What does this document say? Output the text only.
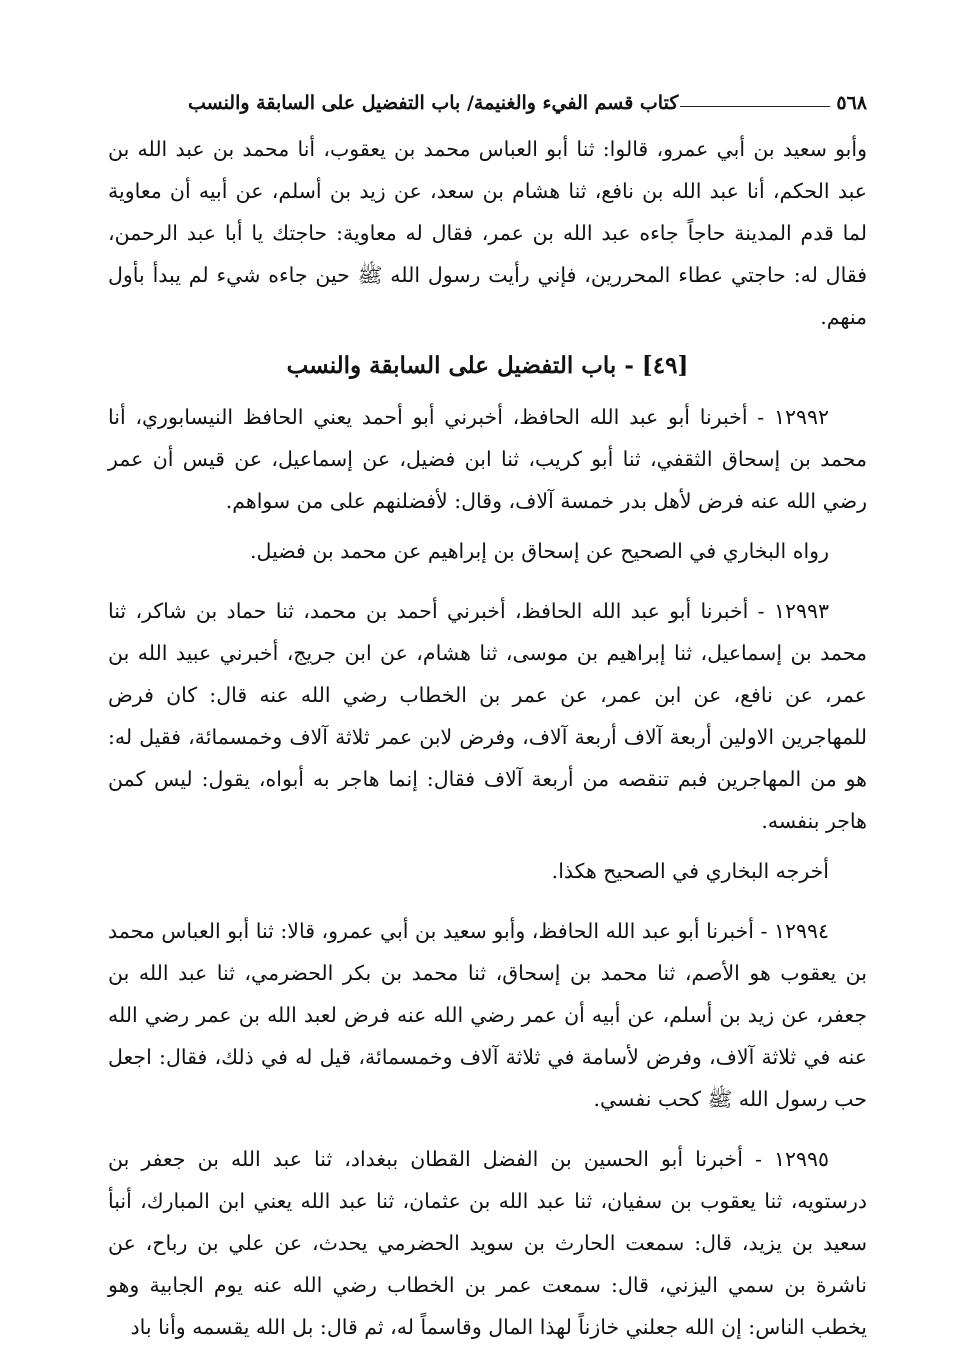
٥٦٨
كتاب قسم الفيء والغنيمة/ باب التفضيل على السابقة والنسب

وأبو سعيد بن أبي عمرو، قالوا: ثنا أبو العباس محمد بن يعقوب، أنا محمد بن عبد الله بن عبد الحكم، أنا عبد الله بن نافع، ثنا هشام بن سعد، عن زيد بن أسلم، عن أبيه أن معاوية لما قدم المدينة حاجاً جاءه عبد الله بن عمر، فقال له معاوية: حاجتك يا أبا عبد الرحمن، فقال له: حاجتي عطاء المحررين، فإني رأيت رسول الله ﷺ حين جاءه شيء لم يبدأ بأول منهم.

[٤٩] - باب التفضيل على السابقة والنسب

١٢٩٩٢ - أخبرنا أبو عبد الله الحافظ، أخبرني أبو أحمد يعني الحافظ النيسابوري، أنا محمد بن إسحاق الثقفي، ثنا أبو كريب، ثنا ابن فضيل، عن إسماعيل، عن قيس أن عمر رضي الله عنه فرض لأهل بدر خمسة آلاف، وقال: لأفضلنهم على من سواهم.

رواه البخاري في الصحيح عن إسحاق بن إبراهيم عن محمد بن فضيل.

١٢٩٩٣ - أخبرنا أبو عبد الله الحافظ، أخبرني أحمد بن محمد، ثنا حماد بن شاكر، ثنا محمد بن إسماعيل، ثنا إبراهيم بن موسى، ثنا هشام، عن ابن جريج، أخبرني عبيد الله بن عمر، عن نافع، عن ابن عمر، عن عمر بن الخطاب رضي الله عنه قال: كان فرض للمهاجرين الاولين أربعة آلاف أربعة آلاف، وفرض لابن عمر ثلاثة آلاف وخمسمائة، فقيل له: هو من المهاجرين فبم تنقصه من أربعة آلاف فقال: إنما هاجر به أبواه، يقول: ليس كمن هاجر بنفسه.

أخرجه البخاري في الصحيح هكذا.

١٢٩٩٤ - أخبرنا أبو عبد الله الحافظ، وأبو سعيد بن أبي عمرو، قالا: ثنا أبو العباس محمد بن يعقوب هو الأصم، ثنا محمد بن إسحاق، ثنا محمد بن بكر الحضرمي، ثنا عبد الله بن جعفر، عن زيد بن أسلم، عن أبيه أن عمر رضي الله عنه فرض لعبد الله بن عمر رضي الله عنه في ثلاثة آلاف، وفرض لأسامة في ثلاثة آلاف وخمسمائة، قيل له في ذلك، فقال: اجعل حب رسول الله ﷺ كحب نفسي.

١٢٩٩٥ - أخبرنا أبو الحسين بن الفضل القطان ببغداد، ثنا عبد الله بن جعفر بن درستويه، ثنا يعقوب بن سفيان، ثنا عبد الله بن عثمان، ثنا عبد الله يعني ابن المبارك، أنبأ سعيد بن يزيد، قال: سمعت الحارث بن سويد الحضرمي يحدث، عن علي بن رباح، عن ناشرة بن سمي اليزني، قال: سمعت عمر بن الخطاب رضي الله عنه يوم الجابية وهو يخطب الناس: إن الله جعلني خازناً لهذا المال وقاسماً له، ثم قال: بل الله يقسمه وأنا باد
